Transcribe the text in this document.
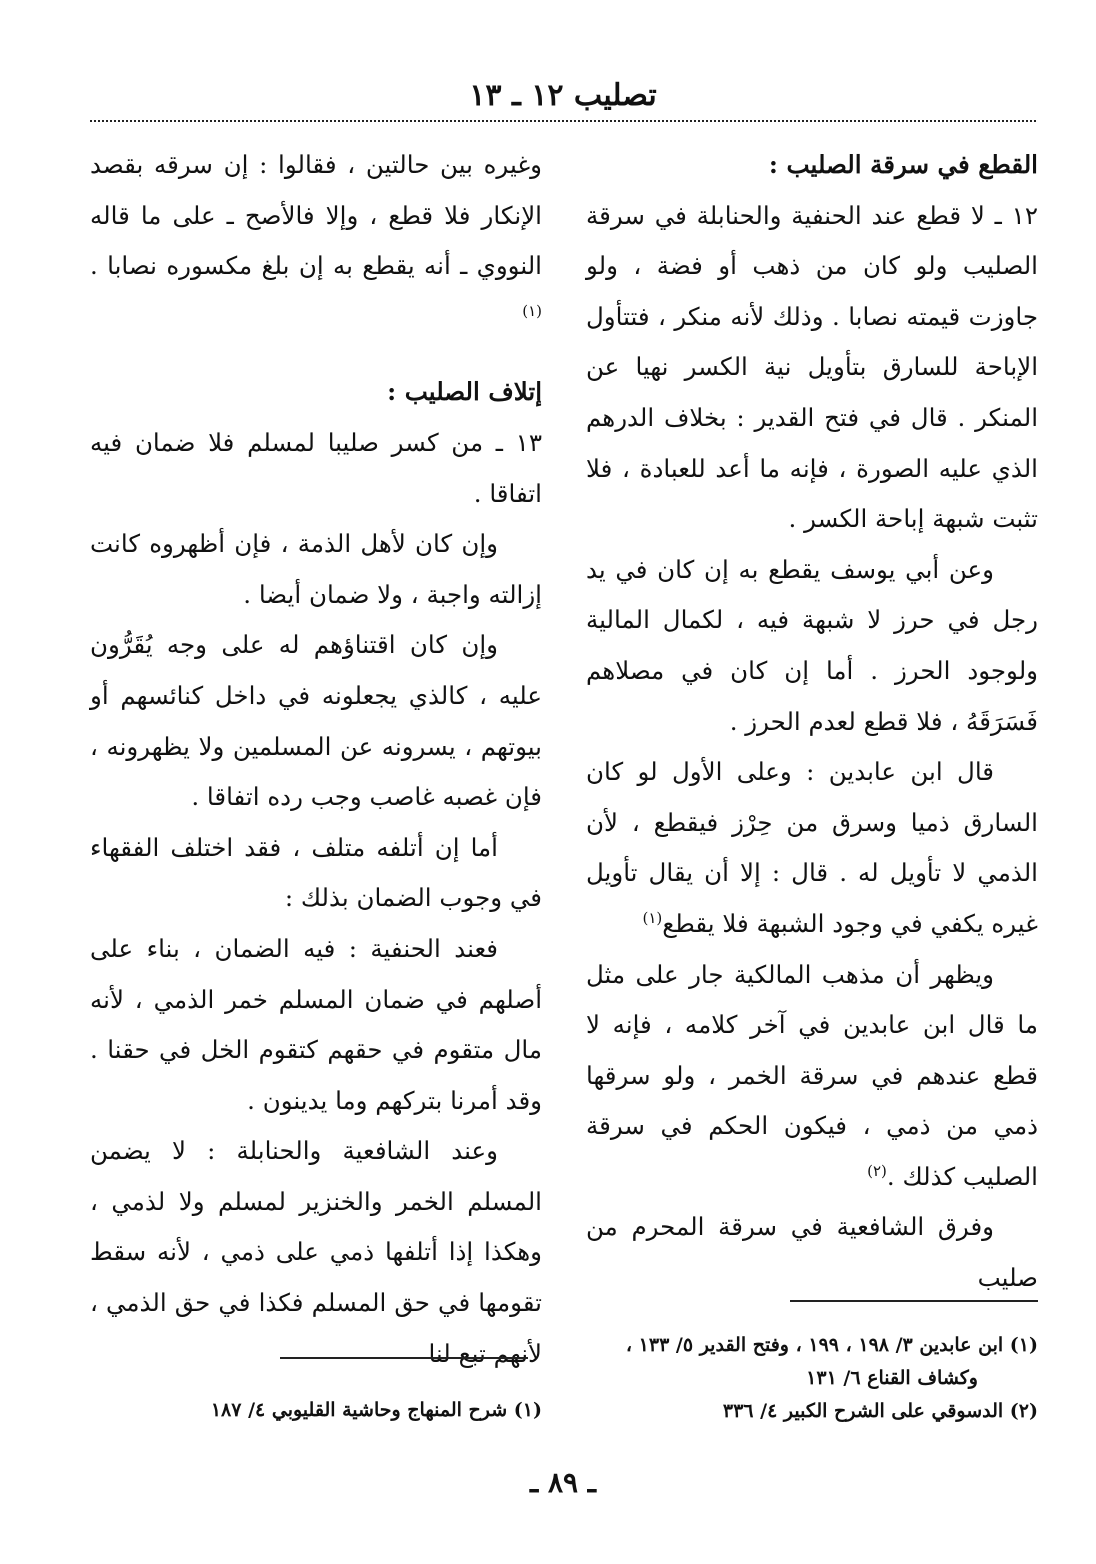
تصليب ١٢ ـ ١٣

القطع في سرقة الصليب :

١٢ ـ لا قطع عند الحنفية والحنابلة في سرقة الصليب ولو كان من ذهب أو فضة ، ولو جاوزت قيمته نصابا . وذلك لأنه منكر ، فتتأول الإباحة للسارق بتأويل نية الكسر نهيا عن المنكر . قال في فتح القدير : بخلاف الدرهم الذي عليه الصورة ، فإنه ما أعد للعبادة ، فلا تثبت شبهة إباحة الكسر .

وعن أبي يوسف يقطع به إن كان في يد رجل في حرز لا شبهة فيه ، لكمال المالية ولوجود الحرز . أما إن كان في مصلاهم فَسَرَقَهُ ، فلا قطع لعدم الحرز .

قال ابن عابدين : وعلى الأول لو كان السارق ذميا وسرق من حِرْز فيقطع ، لأن الذمي لا تأويل له . قال : إلا أن يقال تأويل غيره يكفي في وجود الشبهة فلا يقطع$^{(١)}$

ويظهر أن مذهب المالكية جار على مثل ما قال ابن عابدين في آخر كلامه ، فإنه لا قطع عندهم في سرقة الخمر ، ولو سرقها ذمي من ذمي ، فيكون الحكم في سرقة الصليب كذلك .$^{(٢)}$

وفرق الشافعية في سرقة المحرم من صليب

وغيره بين حالتين ، فقالوا : إن سرقه بقصد الإنكار فلا قطع ، وإلا فالأصح ـ على ما قاله النووي ـ أنه يقطع به إن بلغ مكسوره نصابا .$^{(١)}$

إتلاف الصليب :

١٣ ـ من كسر صليبا لمسلم فلا ضمان فيه اتفاقا .

وإن كان لأهل الذمة ، فإن أظهروه كانت إزالته واجبة ، ولا ضمان أيضا .

وإن كان اقتناؤهم له على وجه يُقَرُّون عليه ، كالذي يجعلونه في داخل كنائسهم أو بيوتهم ، يسرونه عن المسلمين ولا يظهرونه ، فإن غصبه غاصب وجب رده اتفاقا .

أما إن أتلفه متلف ، فقد اختلف الفقهاء في وجوب الضمان بذلك :

فعند الحنفية : فيه الضمان ، بناء على أصلهم في ضمان المسلم خمر الذمي ، لأنه مال متقوم في حقهم كتقوم الخل في حقنا . وقد أمرنا بتركهم وما يدينون .

وعند الشافعية والحنابلة : لا يضمن المسلم الخمر والخنزير لمسلم ولا لذمي ، وهكذا إذا أتلفها ذمي على ذمي ، لأنه سقط تقومها في حق المسلم فكذا في حق الذمي ، لأنهم تبع لنا	(١) ابن عابدين ٣/ ١٩٨ ، ١٩٩ ، وفتح القدير ٥/ ١٣٣ ،

وكشاف القناع ٦/ ١٣١

(٢) الدسوقي على الشرح الكبير ٤/ ٣٣٦

(١) شرح المنهاج وحاشية القليوبي ٤/ ١٨٧

ـ ٨٩ ـ
